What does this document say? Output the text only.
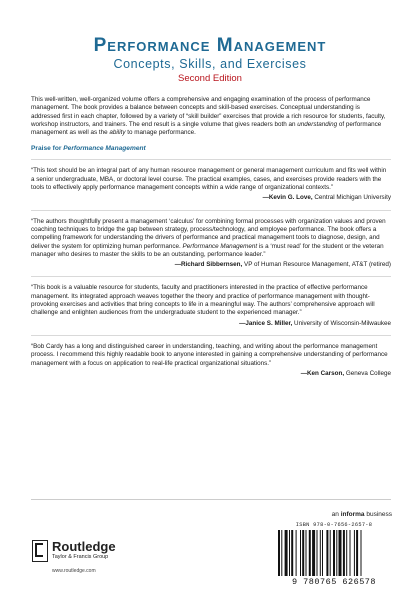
Performance Management
Concepts, Skills, and Exercises
Second Edition

This well-written, well-organized volume offers a comprehensive and engaging examination of the process of performance management. The book provides a balance between concepts and skill-based exercises. Conceptual understanding is addressed first in each chapter, followed by a variety of “skill builder” exercises that provide a rich resource for students, faculty, workshop instructors, and trainers. The end result is a single volume that gives readers both an understanding of performance management as well as the ability to manage performance.

Praise for Performance Management

“This text should be an integral part of any human resource management or general management curriculum and fits well within a senior undergraduate, MBA, or doctoral level course. The practical examples, cases, and exercises provide readers with the tools to effectively apply performance management concepts within a wide range of organizational contexts.”

—Kevin G. Love, Central Michigan University

“The authors thoughtfully present a management ‘calculus’ for combining formal processes with organization values and proven coaching techniques to bridge the gap between strategy, process/technology, and employee performance. The book offers a compelling framework for understanding the drivers of performance and practical management tools to diagnose, design, and deliver the system for optimizing human performance. Performance Management is a ‘must read’ for the student or the veteran manager who desires to master the skills to be an outstanding, performance leader.”

—Richard Sibbernsen, VP of Human Resource Management, AT&T (retired)

“This book is a valuable resource for students, faculty and practitioners interested in the practice of effective performance management. Its integrated approach weaves together the theory and practice of performance management with thought-provoking exercises and activities that bring concepts to life in a meaningful way. The authors’ comprehensive approach will challenge and enlighten audiences from the undergraduate student to the experienced manager.”

—Janice S. Miller, University of Wisconsin-Milwaukee

“Bob Cardy has a long and distinguished career in understanding, teaching, and writing about the performance management process. I recommend this highly readable book to anyone interested in gaining a comprehensive understanding of performance management with a focus on application to real-life practical organizational situations.”

—Ken Carson, Geneva College

an informa business
Routledge
Taylor & Francis Group
www.routledge.com
ISBN 978-0-7656-2657-8
9 780765 626578
